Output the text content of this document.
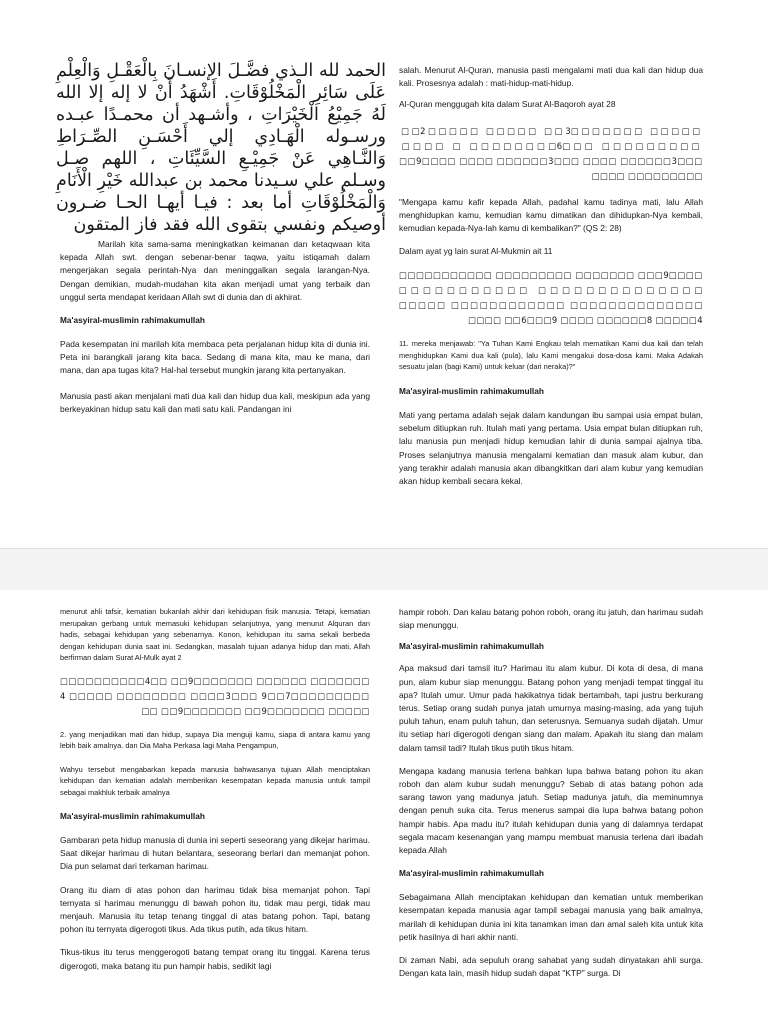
الحمد لله الـذي فضَّـلَ الإنسـانَ بِالْعَقْـلِ وَالْعِلْمِ عَلَى سَائِرِ الْمَخْلُوْقَاتِ. أَشْهَدُ أَنْ لا إله إلا الله لَهُ جَمِيْعُ الْخَيْرَاتِ ، وأشـهد أن محمـدًا عبـده ورسـوله الْهَـادِي إلي أَحْسَـنِ الصِّـرَاطِ وَالنَّـاهِي عَنْ جَمِيْـعِ السَّيِّئَاتِ ، اللهم صـل وسـلم علي سـيدنا محمد بن عبدالله خَيْرِ الْأَنَامِ وَالْمَخْلُوْقَاتِ أما بعد : فيـا أيهـا الحـا ضـرون أوصيكم ونفسي بتقوى الله فقد فاز المتقون

Marilah kita sama-sama meningkatkan keimanan dan ketaqwaan kita kepada Allah swt. dengan sebenar-benar taqwa, yaitu istiqamah dalam mengerjakan segala perintah-Nya dan meninggalkan segala larangan-Nya. Dengan demikian, mudah-mudahan kita akan menjadi umat yang terbaik dan unggul serta mendapat keridaan Allah swt di dunia dan di akhirat.

Ma'asyiral-muslimin rahimakumullah

Pada kesempatan ini marilah kita membaca peta perjalanan hidup kita di dunia ini. Peta ini barangkali jarang kita baca. Sedang di mana kita, mau ke mana, dari mana, dan apa tugas kita? Hal-hal tersebut mungkin jarang kita pertanyakan.

Manusia pasti akan menjalani mati dua kali dan hidup dua kali, meskipun ada yang berkeyakinan hidup satu kali dan mati satu kali. Pandangan ini

salah. Menurut Al-Quran, manusia pasti mengalami mati dua kali dan hidup dua kali. Prosesnya adalah : mati-hidup-mati-hidup.

Al-Quran menggugah kita dalam Surat Al-Baqoroh ayat 28

□□□□□ □□□□□□□3□□ □□□□□ □□□□□2□□ □□□□□□□□□ □□□6□□□□□□□□ □ □□□□ □□□3□□□□□□ □□□□ □□□3□□□□□□ □□□□ □□□□9□□ □□□□□□□□□ □□□□

"Mengapa kamu kafir kepada Allah, padahal kamu tadinya mati, lalu Allah menghidupkan kamu, kemudian kamu dimatikan dan dihidupkan-Nya kembali, kemudian kepada-Nya-lah kamu di kembalikan?" (QS 2: 28)

Dalam ayat yg lain surat Al-Mukmin ait 11

□□□□9□□□ □□□□□□□ □□□□□□□□□ □□□□□□□□□□□ □□□□□□□□□□□□□□ □□□□□□□□□□□ □□□□□□□□□□□□□□ □□□□□□□□□□□□ □□□□□ 4□□□□□ 8□□□□□□ □□□□ 9□□□6□□ □□□□

11. mereka menjawab: "Ya Tuhan Kami Engkau telah mematikan Kami dua kali dan telah menghidupkan Kami dua kali (pula), lalu Kami mengakui dosa-dosa kami. Maka Adakah sesuatu jalan (bagi Kami) untuk keluar (dari neraka)?"

Ma'asyiral-muslimin rahimakumullah

Mati yang pertama adalah sejak dalam kandungan ibu sampai usia empat bulan, sebelum ditiupkan ruh. Itulah mati yang pertama. Usia empat bulan ditiupkan ruh, lalu manusia pun menjadi hidup kemudian lahir di dunia sampai ajalnya tiba. Proses selanjutnya manusia mengalami kematian dan masuk alam kubur, dan yang terakhir adalah manusia akan dibangkitkan dari alam kubur yang kemudian akan hidup kembali secara kekal.

menurut ahli tafsir, kematian bukanlah akhir dari kehidupan fisik manusia. Tetapi, kematian merupakan gerbang untuk memasuki kehidupan selanjutnya, yang menurut Alquran dan hadis, sebagai kehidupan yang sebenarnya. Konon, kehidupan itu sama sekali berbeda dengan kehidupan dunia saat ini. Sedangkan, masalah tujuan adanya hidup dan mati, Allah berfirman dalam Surat Al-Mulk ayat 2

□□□□□□□ □□□□□□ □□□□□□□9□□ □□4□□□□□□□□□□ □□□□□□□□□7□□9 □□□3□□□□ □□□□□□□□ □□□□□ 4 □□□□□ □□□□□□□9□□ □□□□□□□9□□ □□

2. yang menjadikan mati dan hidup, supaya Dia menguji kamu, siapa di antara kamu yang lebih baik amalnya. dan Dia Maha Perkasa lagi Maha Pengampun,

Wahyu tersebut mengabarkan kepada manusia bahwasanya tujuan Allah menciptakan kehidupan dan kematian adalah memberikan kesempatan kepada manusia untuk tampil sebagai makhluk terbaik amalnya

Ma'asyiral-muslimin rahimakumullah

Gambaran peta hidup manusia di dunia ini seperti seseorang yang dikejar harimau. Saat dikejar harimau di hutan belantara, seseorang berlari dan memanjat pohon. Dia pun selamat dari terkaman harimau.

Orang itu diam di atas pohon dan harimau tidak bisa memanjat pohon. Tapi ternyata si harimau menunggu di bawah pohon itu, tidak mau pergi, tidak mau menjauh. Manusia itu tetap tenang tinggal di atas batang pohon. Tapi, batang pohon itu ternyata digerogoti tikus. Ada tikus putih, ada tikus hitam.

Tikus-tikus itu terus menggerogoti batang tempat orang itu tinggal. Karena terus digerogoti, maka batang itu pun hampir habis, sedikit lagi

hampir roboh. Dan kalau batang pohon roboh, orang itu jatuh, dan harimau sudah siap menunggu.

Ma'asyiral-muslimin rahimakumullah

Apa maksud dari tamsil itu? Harimau itu alam kubur. Di kota di desa, di mana pun, alam kubur siap menunggu. Batang pohon yang menjadi tempat tinggal itu apa? Itulah umur. Umur pada hakikatnya tidak bertambah, tapi justru berkurang terus. Setiap orang sudah punya jatah umurnya masing-masing, ada yang tujuh puluh tahun, enam puluh tahun, dan seterusnya. Semuanya sudah dijatah. Umur itu setiap hari digerogoti dengan siang dan malam. Apakah itu siang dan malam dalam tamsil tadi? Itulah tikus putih tikus hitam.

Mengapa kadang manusia terlena bahkan lupa bahwa batang pohon itu akan roboh dan alam kubur sudah menunggu? Sebab di atas batang pohon ada sarang tawon yang madunya jatuh. Setiap madunya jatuh, dia meminumnya dengan penuh suka cita. Terus menerus sampai dia lupa bahwa batang pohon hampir habis. Apa madu itu? itulah kehidupan dunia yang di dalamnya terdapat segala macam kesenangan yang mampu membuat manusia terlena dari ibadah kepada Allah

Ma'asyiral-muslimin rahimakumullah

Sebagaimana Allah menciptakan kehidupan dan kematian untuk memberikan kesempatan kepada manusia agar tampil sebagai manusia yang baik amalnya, marilah di kehidupan dunia ini kita tanamkan iman dan amal saleh kita untuk kita petik hasilnya di hari akhir nanti.

Di zaman Nabi, ada sepuluh orang sahabat yang sudah dinyatakan ahli surga. Dengan kata lain, masih hidup sudah dapat "KTP" surga. Di
